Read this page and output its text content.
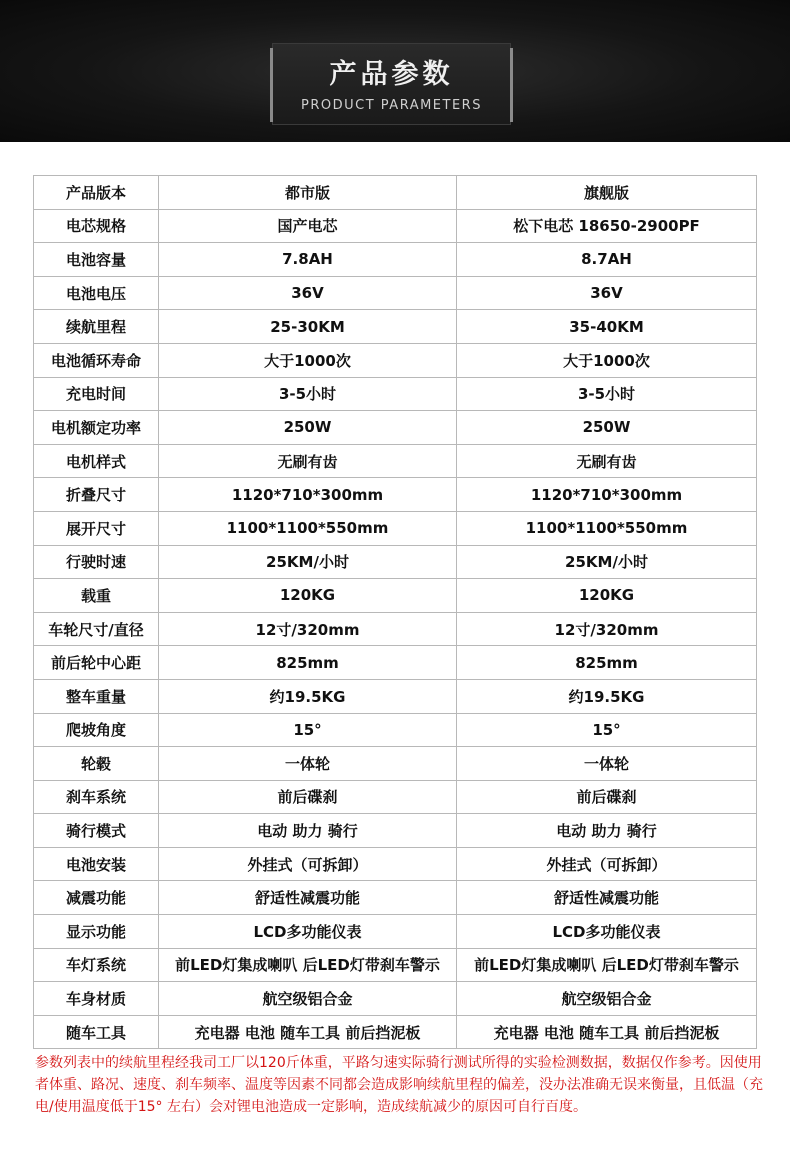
产品参数
PRODUCT PARAMETERS
产品版本	都市版	旗舰版
电芯规格	国产电芯	松下电芯 18650-2900PF
电池容量	7.8AH	8.7AH
电池电压	36V	36V
续航里程	25-30KM	35-40KM
电池循环寿命	大于1000次	大于1000次
充电时间	3-5小时	3-5小时
电机额定功率	250W	250W
电机样式	无刷有齿	无刷有齿
折叠尺寸	1120*710*300mm	1120*710*300mm
展开尺寸	1100*1100*550mm	1100*1100*550mm
行驶时速	25KM/小时	25KM/小时
载重	120KG	120KG
车轮尺寸/直径	12寸/320mm	12寸/320mm
前后轮中心距	825mm	825mm
整车重量	约19.5KG	约19.5KG
爬坡角度	15°	15°
轮毂	一体轮	一体轮
刹车系统	前后碟刹	前后碟刹
骑行模式	电动 助力 骑行	电动 助力 骑行
电池安装	外挂式（可拆卸）	外挂式（可拆卸）
减震功能	舒适性减震功能	舒适性减震功能
显示功能	LCD多功能仪表	LCD多功能仪表
车灯系统	前LED灯集成喇叭 后LED灯带刹车警示	前LED灯集成喇叭 后LED灯带刹车警示
车身材质	航空级铝合金	航空级铝合金
随车工具	充电器 电池 随车工具 前后挡泥板	充电器 电池 随车工具 前后挡泥板
参数列表中的续航里程经我司工厂以120斤体重，平路匀速实际骑行测试所得的实验检测数据，数据仅作参考。因使用者体重、路况、速度、刹车频率、温度等因素不同都会造成影响续航里程的偏差，没办法准确无误来衡量，且低温（充电/使用温度低于15° 左右）会对锂电池造成一定影响，造成续航减少的原因可自行百度。
